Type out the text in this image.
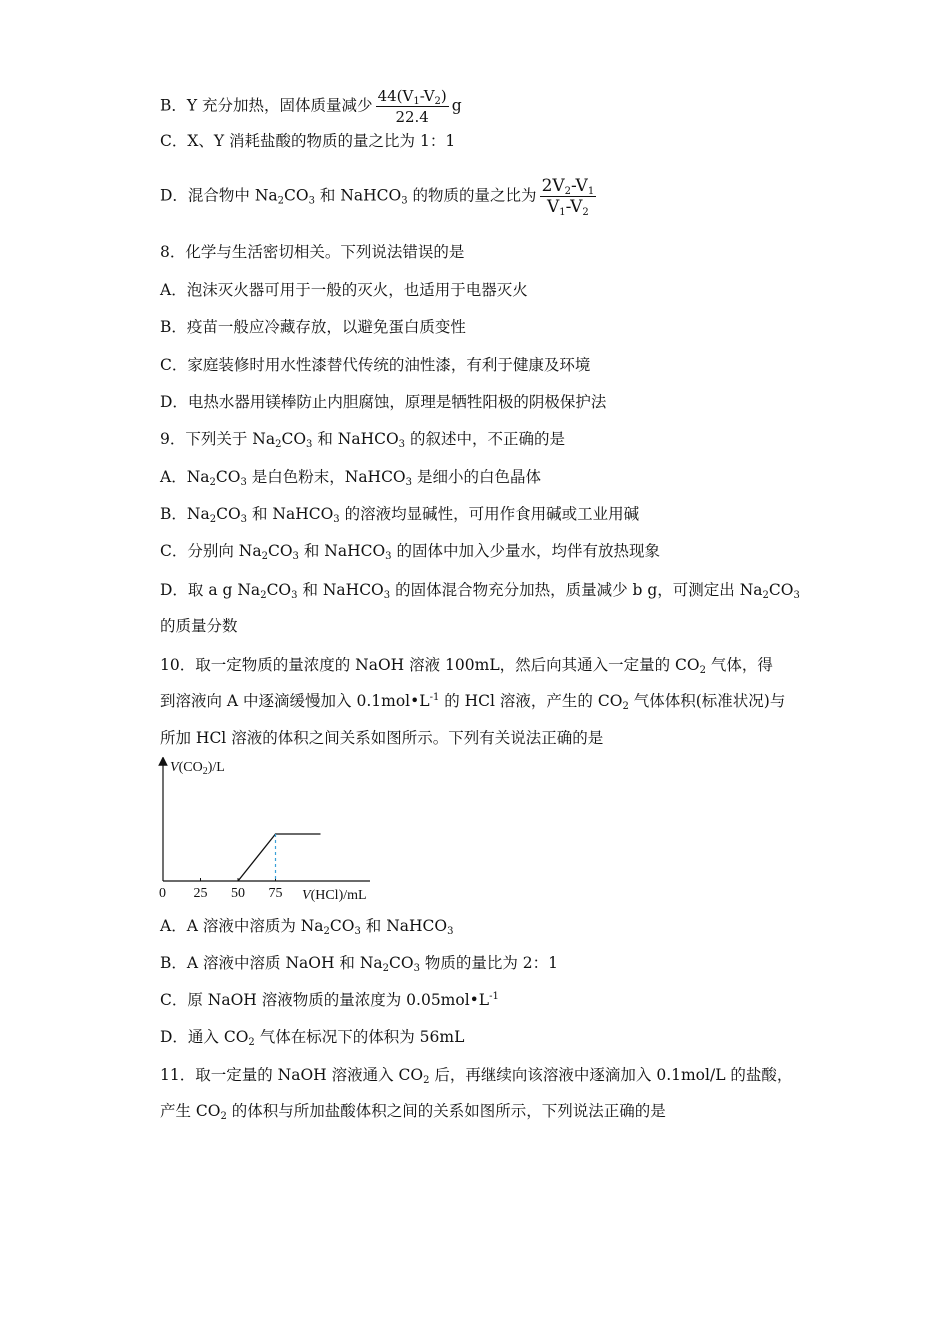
B．Y 充分加热，固体质量减少 $\frac{44(V_1-V_2)}{22.4}$ g
C．X、Y 消耗盐酸的物质的量之比为 1：1
D．混合物中 $Na_2CO_3$ 和 NaHCO$_3$ 的物质的量之比为 $\frac{2V_2-V_1}{V_1-V_2}$
8．化学与生活密切相关。下列说法错误的是
A．泡沫灭火器可用于一般的灭火，也适用于电器灭火
B．疫苗一般应冷藏存放，以避免蛋白质变性
C．家庭装修时用水性漆替代传统的油性漆，有利于健康及环境
D．电热水器用镁棒防止内胆腐蚀，原理是牺牲阳极的阴极保护法
9．下列关于 $Na_2CO_3$ 和 NaHCO$_3$ 的叙述中，不正确的是
A．$Na_2CO_3$ 是白色粉末，NaHCO$_3$ 是细小的白色晶体
B．$Na_2CO_3$ 和 NaHCO$_3$ 的溶液均显碱性，可用作食用碱或工业用碱
C．分别向 $Na_2CO_3$ 和 NaHCO$_3$ 的固体中加入少量水，均伴有放热现象
D．取 a g $Na_2CO_3$ 和 NaHCO$_3$ 的固体混合物充分加热，质量减少 b g，可测定出 $Na_2CO_3$
的质量分数
10．取一定物质的量浓度的 NaOH 溶液 100mL，然后向其通入一定量的 $CO_2$ 气体，得
到溶液向 A 中逐滴缓慢加入 $0.1mol•L^{-1}$ 的 HCl 溶液，产生的 $CO_2$ 气体体积(标准状况)与
所加 HCl 溶液的体积之间关系如图所示。下列有关说法正确的是
$V(CO_2)/L$
0 25 50 75 V(HCl)/mL
A．A 溶液中溶质为 $Na_2CO_3$ 和 NaHCO$_3$
B．A 溶液中溶质 NaOH 和 $Na_2CO_3$ 物质的量比为 2：1
C．原 NaOH 溶液物质的量浓度为 $0.05mol•L^{-1}$
D．通入 $CO_2$ 气体在标况下的体积为 56mL
11．取一定量的 NaOH 溶液通入 $CO_2$ 后，再继续向该溶液中逐滴加入 0.1mol/L 的盐酸，
产生 $CO_2$ 的体积与所加盐酸体积之间的关系如图所示，下列说法正确的是
